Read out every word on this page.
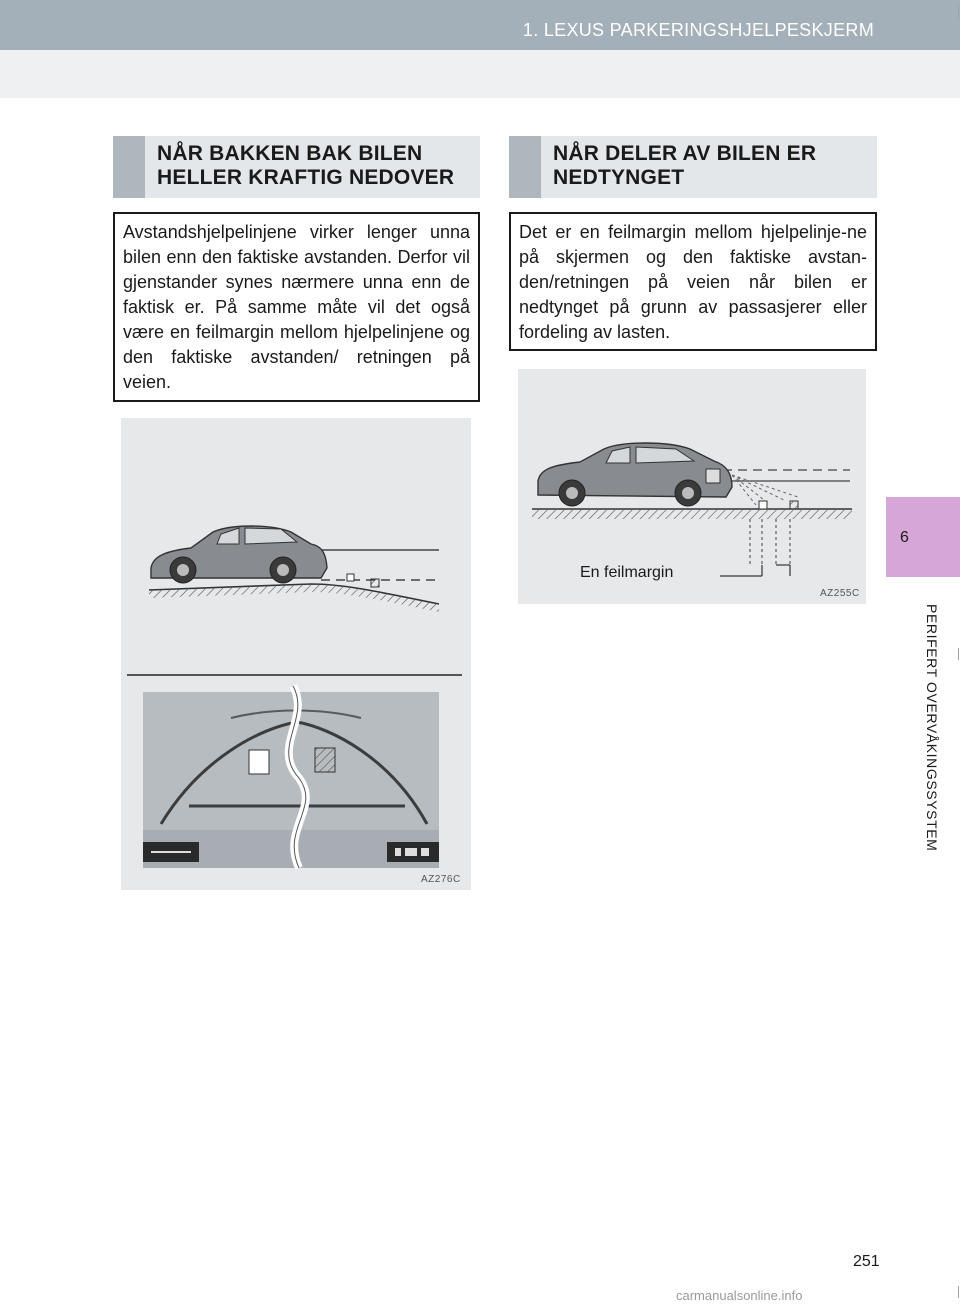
1. LEXUS PARKERINGSHJELPESKJERM
6
PERIFERT OVERVÅKINGSSYSTEM
NÅR BAKKEN BAK BILEN
HELLER KRAFTIG NEDOVER
Avstandshjelpelinjene virker lenger unna bilen enn den faktiske avstanden. Derfor vil gjenstander synes nærmere unna enn de faktisk er. På samme måte vil det også være en feilmargin mellom hjelpelinjene og den faktiske avstanden/ retningen på veien.
AZ276C
NÅR DELER AV BILEN ER
NEDTYNGET
Det er en feilmargin mellom hjelpelinje-ne på skjermen og den faktiske avstan-den/retningen på veien når bilen er nedtynget på grunn av passasjerer eller fordeling av lasten.
En feilmargin
AZ255C
251
carmanualsonline.info
